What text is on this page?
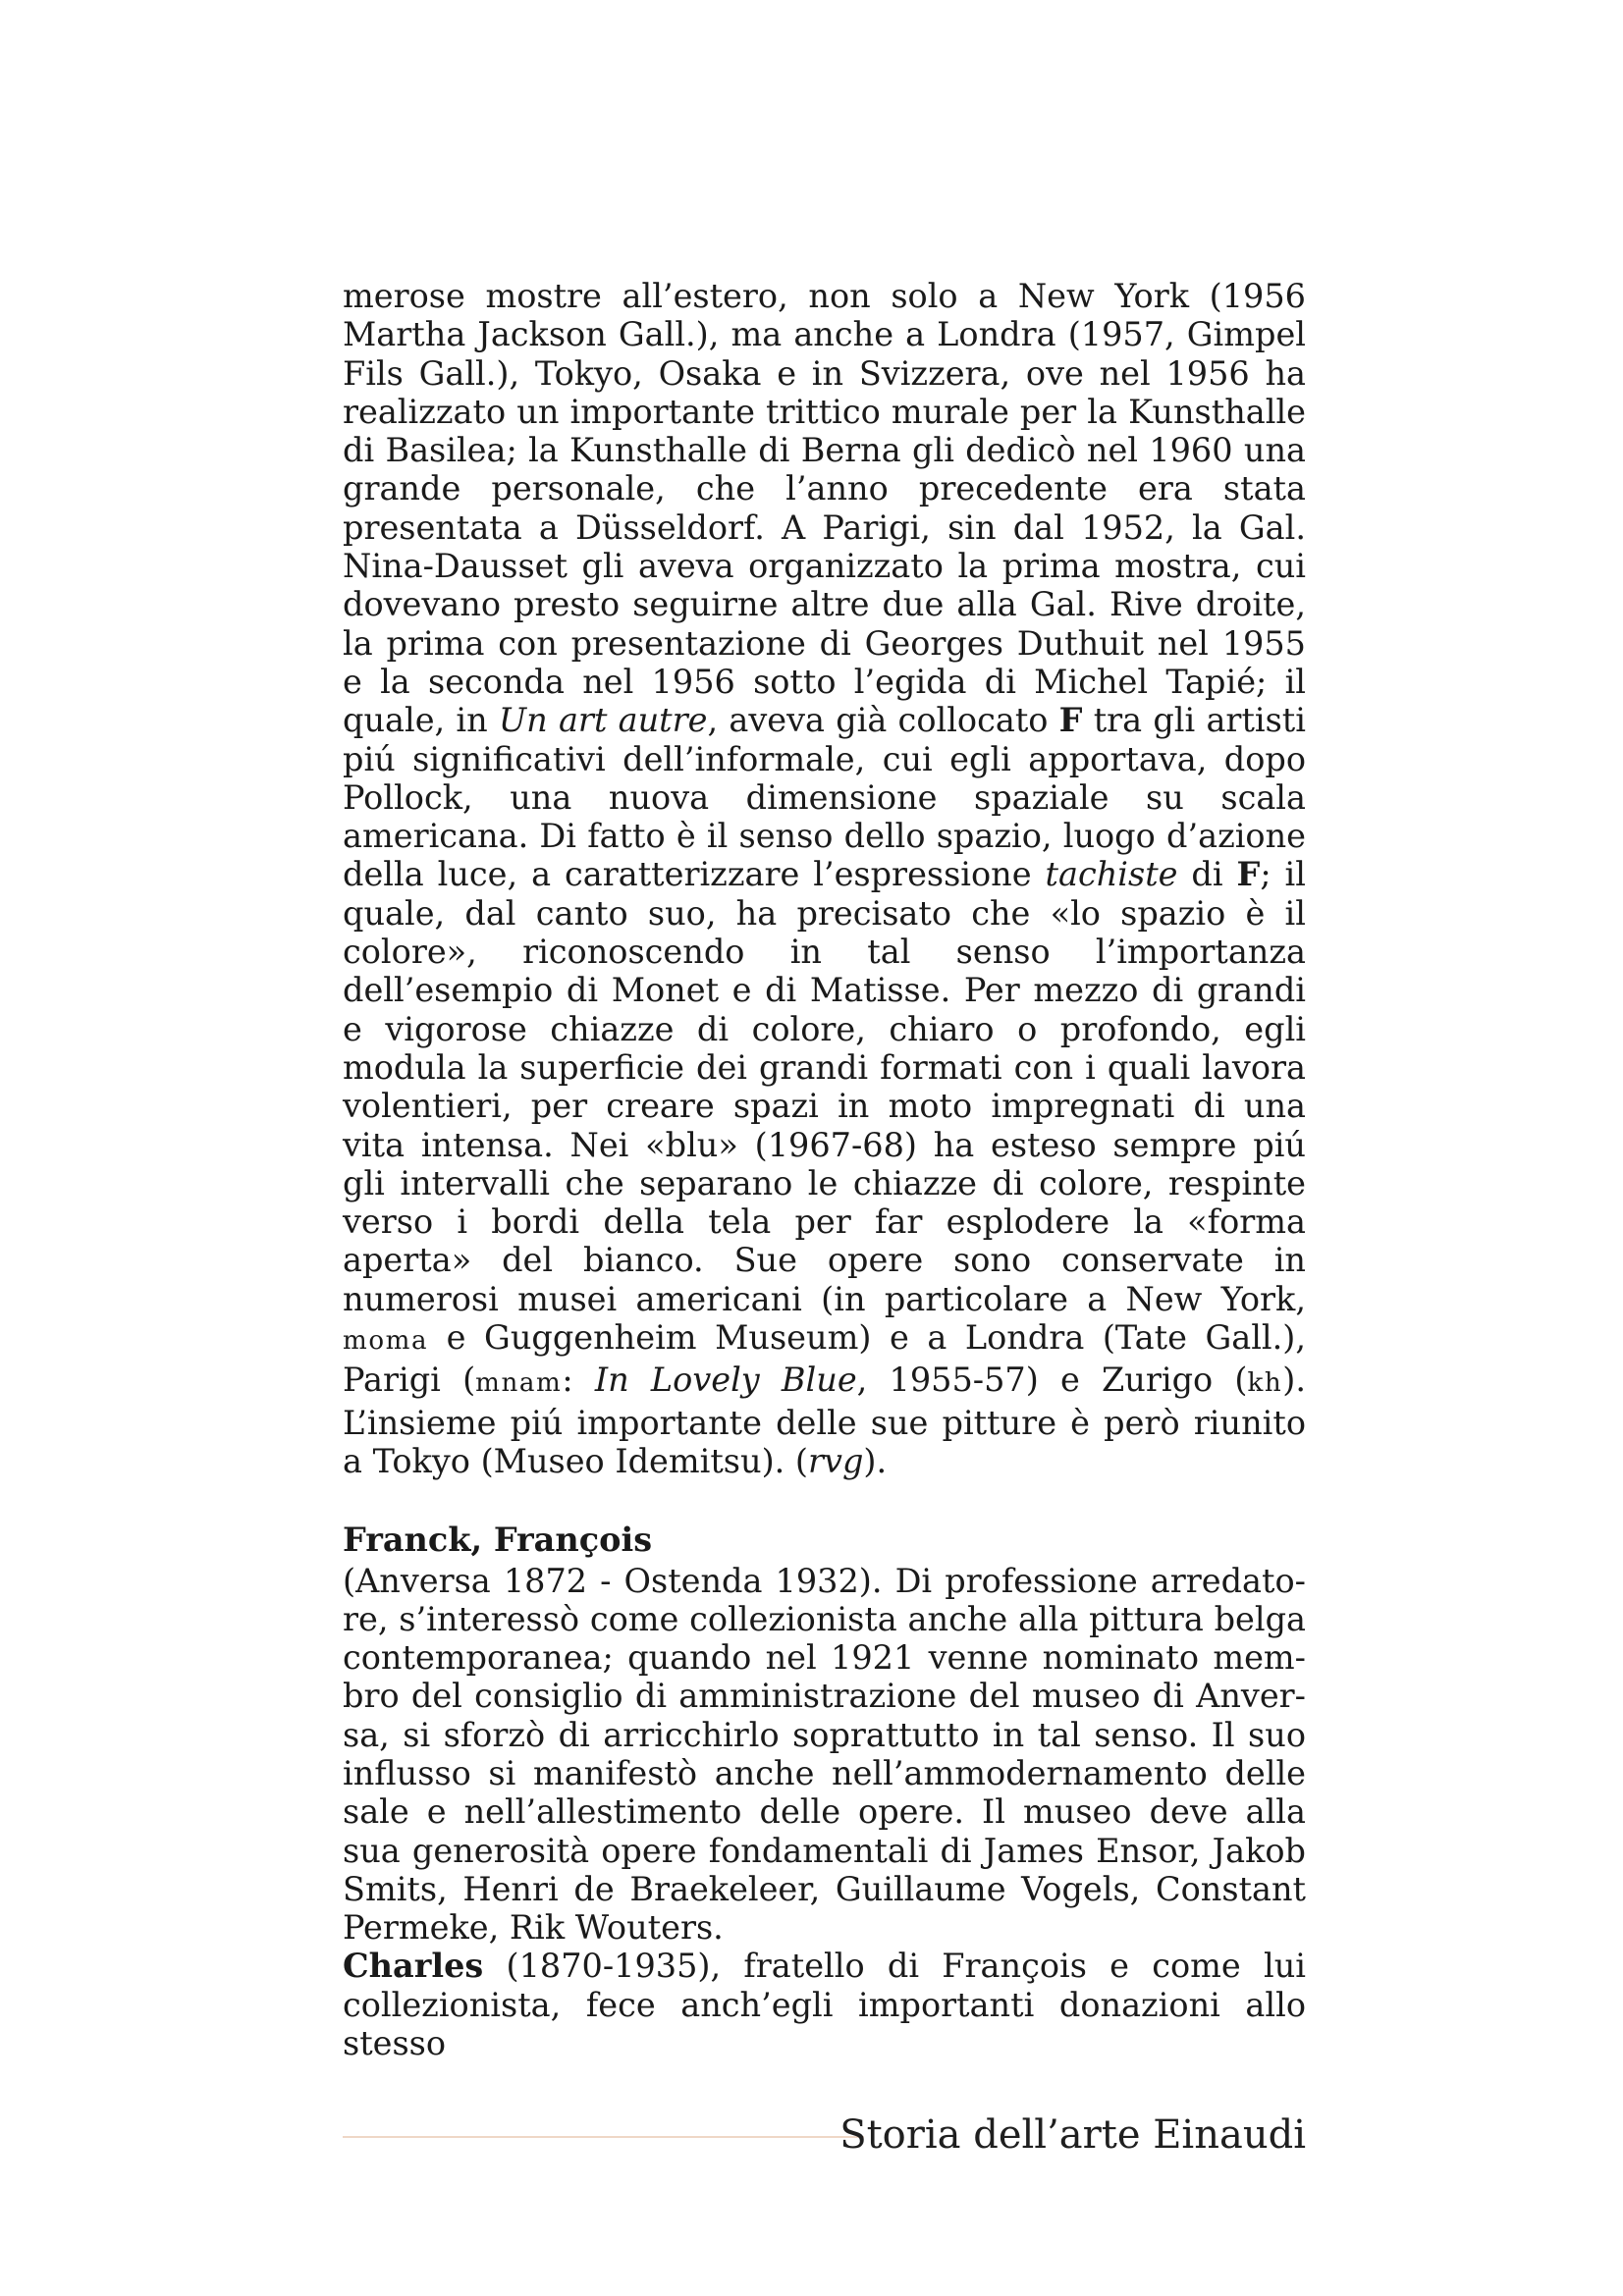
merose mostre all’estero, non solo a New York (1956 Martha Jackson Gall.), ma anche a Londra (1957, Gimpel Fils Gall.), Tokyo, Osaka e in Svizzera, ove nel 1956 ha realizzato un importante trittico murale per la Kunsthalle di Basilea; la Kunsthalle di Berna gli dedicò nel 1960 una grande personale, che l’anno precedente era stata presentata a Düsseldorf. A Parigi, sin dal 1952, la Gal. Nina-Dausset gli aveva organizzato la prima mostra, cui dovevano presto seguirne altre due alla Gal. Rive droite, la prima con presentazione di Georges Duthuit nel 1955 e la seconda nel 1956 sotto l’egida di Michel Tapié; il quale, in Un art autre, aveva già collocato F tra gli artisti piú significativi dell’informale, cui egli apportava, dopo Pollock, una nuova dimensione spaziale su scala americana. Di fatto è il senso dello spazio, luogo d’azione della luce, a caratterizzare l’espressione tachiste di F; il quale, dal canto suo, ha precisato che «lo spazio è il colore», riconoscendo in tal senso l’importanza dell’esempio di Monet e di Matisse. Per mezzo di grandi e vigorose chiazze di colore, chiaro o profondo, egli modula la superficie dei grandi formati con i quali lavora volentieri, per creare spazi in moto impregnati di una vita intensa. Nei «blu» (1967-68) ha esteso sempre piú gli intervalli che separano le chiazze di colore, respinte verso i bordi della tela per far esplodere la «forma aperta» del bianco. Sue opere sono conservate in numerosi musei americani (in particolare a New York, moma e Guggenheim Museum) e a Londra (Tate Gall.), Parigi (mnam: In Lovely Blue, 1955-57) e Zurigo (kh). L’insieme piú importante delle sue pitture è però riunito a Tokyo (Museo Idemitsu). (rvg).

Franck, François

(Anversa 1872 - Ostenda 1932). Di professione arredatore, s’interessò come collezionista anche alla pittura belga contemporanea; quando nel 1921 venne nominato membro del consiglio di amministrazione del museo di Anversa, si sforzò di arricchirlo soprattutto in tal senso. Il suo influsso si manifestò anche nell’ammodernamento delle sale e nell’allestimento delle opere. Il museo deve alla sua generosità opere fondamentali di James Ensor, Jakob Smits, Henri de Braekeleer, Guillaume Vogels, Constant Permeke, Rik Wouters.

Charles (1870-1935), fratello di François e come lui collezionista, fece anch’egli importanti donazioni allo stesso

Storia dell’arte Einaudi
